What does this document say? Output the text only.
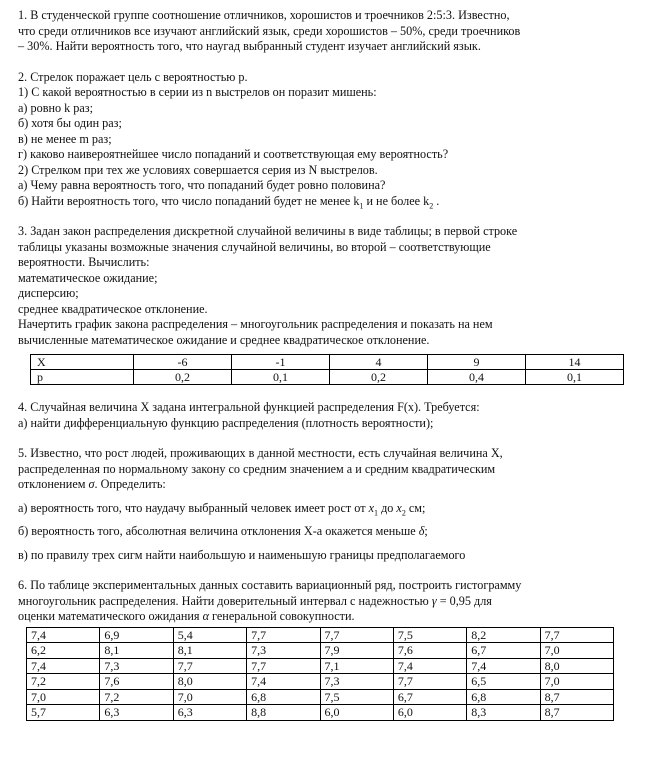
1. В студенческой группе соотношение отличников, хорошистов и троечников 2:5:3. Известно,
что среди отличников все изучают английский язык, среди хорошистов – 50%, среди троечников
– 30%. Найти вероятность того, что наугад выбранный студент изучает английский язык.
2. Стрелок поражает цель с вероятностью p.
1) С какой вероятностью в серии из n выстрелов он поразит мишень:
а) ровно k раз;
б) хотя бы один раз;
в) не менее m раз;
г) каково наивероятнейшее число попаданий и соответствующая ему вероятность?
2) Стрелком при тех же условиях совершается серия из N выстрелов.
а) Чему равна вероятность того, что попаданий будет ровно половина?
б) Найти вероятность того, что число попаданий будет не менее $k_1$ и не более $k_2$ .
3. Задан закон распределения дискретной случайной величины в виде таблицы; в первой строке
таблицы указаны возможные значения случайной величины, во второй – соответствующие
вероятности. Вычислить:
математическое ожидание;
дисперсию;
среднее квадратическое отклонение.
Начертить график закона распределения – многоугольник распределения и показать на нем
вычисленные математическое ожидание и среднее квадратическое отклонение.
X	-6	-1	4	9	14
p	0,2	0,1	0,2	0,4	0,1
4. Случайная величина X задана интегральной функцией распределения F(x). Требуется:
а) найти дифференциальную функцию распределения (плотность вероятности);
5. Известно, что рост людей, проживающих в данной местности, есть случайная величина X,
распределенная по нормальному закону со средним значением a и средним квадратическим
отклонением σ. Определить:
а) вероятность того, что наудачу выбранный человек имеет рост от $x_1$ до $x_2$ см;
б) вероятность того, абсолютная величина отклонения X-a окажется меньше δ;
в) по правилу трех сигм найти наибольшую и наименьшую границы предполагаемого
6. По таблице экспериментальных данных составить вариационный ряд, построить гистограмму
многоугольник распределения. Найти доверительный интервал с надежностью γ = 0,95 для
оценки математического ожидания α генеральной совокупности.
7,4	6,9	5,4	7,7	7,7	7,5	8,2	7,7
6,2	8,1	8,1	7,3	7,9	7,6	6,7	7,0
7,4	7,3	7,7	7,7	7,1	7,4	7,4	8,0
7,2	7,6	8,0	7,4	7,3	7,7	6,5	7,0
7,0	7,2	7,0	6,8	7,5	6,7	6,8	8,7
5,7	6,3	6,3	8,8	6,0	6,0	8,3	8,7
